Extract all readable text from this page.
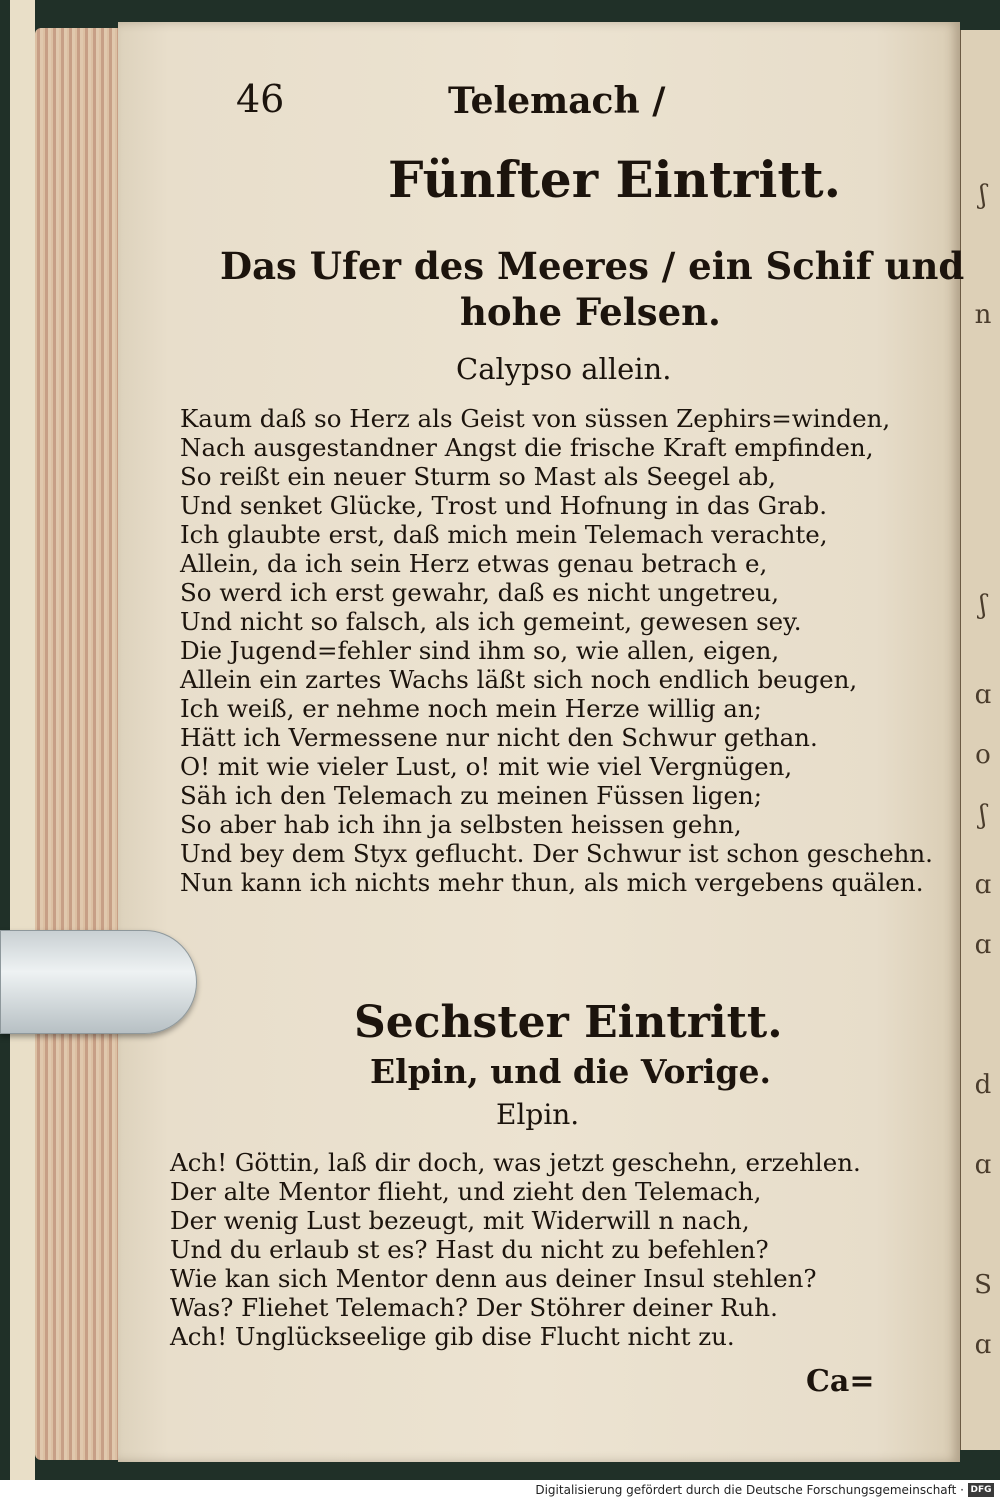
ʃ
n
ʃ
ɑ
o
ʃ
ɑ
ɑ
d
ɑ
S
ɑ
46	Telemach /
Fünfter Eintritt.
Das Ufer des Meeres / ein Schif und
hohe Felsen.
Calypso allein.
Kaum daß so Herz als Geist von süssen Zephirs=winden,
Nach ausgestandner Angst die frische Kraft empfinden,
So reißt ein neuer Sturm so Mast als Seegel ab,
Und senket Glücke, Trost und Hofnung in das Grab.
Ich glaubte erst, daß mich mein Telemach verachte,
Allein, da ich sein Herz etwas genau betrach e,
So werd ich erst gewahr, daß es nicht ungetreu,
Und nicht so falsch, als ich gemeint, gewesen sey.
Die Jugend=fehler sind ihm so, wie allen, eigen,
Allein ein zartes Wachs läßt sich noch endlich beugen,
Ich weiß, er nehme noch mein Herze willig an;
Hätt ich Vermessene nur nicht den Schwur gethan.
O! mit wie vieler Lust, o! mit wie viel Vergnügen,
Säh ich den Telemach zu meinen Füssen ligen;
So aber hab ich ihn ja selbsten heissen gehn,
Und bey dem Styx geflucht. Der Schwur ist schon geschehn.
Nun kann ich nichts mehr thun, als mich vergebens quälen.
Sechster Eintritt.
Elpin, und die Vorige.
Elpin.
Ach! Göttin, laß dir doch, was jetzt geschehn, erzehlen.
Der alte Mentor flieht, und zieht den Telemach,
Der wenig Lust bezeugt, mit Widerwill n nach,
Und du erlaub st es? Hast du nicht zu befehlen?
Wie kan sich Mentor denn aus deiner Insul stehlen?
Was? Fliehet Telemach? Der Stöhrer deiner Ruh.
Ach! Unglückseelige gib dise Flucht nicht zu.
Ca=
Digitalisierung gefördert durch die Deutsche Forschungsgemeinschaft · DFG
